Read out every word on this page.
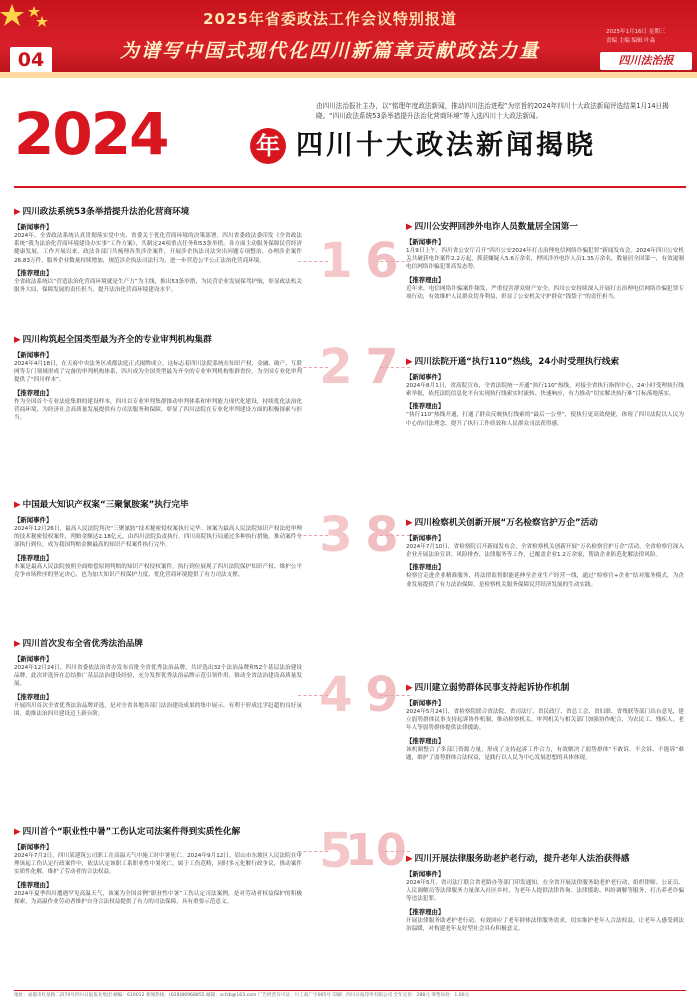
04
2025年省委政法工作会议特别报道
为谱写中国式现代化四川新篇章贡献政法力量
2025年1月16日 星期三
责编 主编 编辑 叶淼
四川法治报
2024	年 四川十大政法新闻揭晓
由四川法治报社主办，以“铭理年度政法新闻，推动四川法治进程”为宗旨的2024年四川十大政法新闻评选结果1月14日揭晓。“四川政法系统53条举措提升法治化营商环境”等入选四川十大政法新闻。
▶ 四川政法系统53条举措提升法治化营商环境
【新闻事件】
2024年，全省政法系统认真贯彻落实党中央、省委关于优化营商环境的决策部署，四川省委政法委印发《全省政法系统“我为法治化营商环境建设办实事”工作方案》，共制定24项重点任务和53条举措。各方面主动服务保障民营经济健康发展，工作开展以来，政法各部门共梳理各类涉企案件，开展涉企执法司法突出问题专项整治，办理涉企案件26.83万件，服务企业数量持续增加，规范涉企执法司法行为，进一步营造公平公正法治化营商环境。
【推荐理由】
全省政法系统以“营造法治化营商环境就是生产力”为主线，推出53条举措，为民营企业发展保驾护航，彰显政法机关服务大局、保障发展的责任担当，提升法治化营商环境建设水平。
▶ 四川构筑起全国类型最为齐全的专业审判机构集群
【新闻事件】
2024年4月18日，在天府中央法务区成都法庭正式揭牌成立，这标志着四川法院系统在知识产权、金融、破产、互联网等专门领域形成了完备的审判机构体系，四川成为全国类型最为齐全的专业审判机构集群省份，为全国专业化审判提供了“四川样本”。
【推荐理由】
作为全国首个专业法庭集群的建设样本，四川以专业审判集群推动审判体系和审判能力现代化建设，持续优化法治化营商环境，为经济社会高质量发展提供有力司法服务和保障，彰显了四川法院在专业化审判建设方面的积极探索与担当。
▶ 中国最大知识产权案“三聚氰胺案”执行完毕
【新闻事件】
2024年12月26日，最高人民法院判决“三聚氰胺”技术秘密侵权案执行完毕。该案为最高人民法院知识产权法庭审理的技术秘密侵权案件，判赔金额达2.18亿元，由四川法院负责执行。四川高院执行局通过多种执行措施，推动案件全部执行到位，成为我国判赔金额最高的知识产权案件执行完毕。
【推荐理由】
本案是最高人民法院按照全面赔偿原则判赔的知识产权侵权案件，执行到位展现了四川法院保护知识产权、维护公平竞争市场秩序的坚定决心，也为加大知识产权保护力度、优化营商环境提供了有力司法支撑。
▶ 四川首次发布全省优秀法治品牌
【新闻事件】
2024年12月24日，四川省委依法治省办发布首批全省优秀法治品牌，共评选出32个法治品牌和52个基层法治建设品牌。此次评选旨在总结推广基层法治建设经验，充分发挥优秀法治品牌示范引领作用，推动全省法治建设高质量发展。
【推荐理由】
开展四川首次全省优秀法治品牌评选，是对全省各地各部门法治建设成果的集中展示，有利于形成比学赶超的良好氛围，助推法治四川建设迈上新台阶。
▶ 四川首个“职业性中暑”工伤认定司法案件得到实质性化解
【新闻事件】
2024年7月2日，四川某建筑公司职工在高温天气中施工时中暑死亡。2024年9月12日，眉山市东坡区人民法院在审理该起工伤认定行政案件中，依法认定该职工系职业性中暑死亡，属于工伤范畴，同时多元化解行政争议，推动案件实质性化解，维护了劳动者的合法权益。
【推荐理由】
2024年夏季四川遭遇罕见高温天气，该案为全国首例“职业性中暑”工伤认定司法案例，是对劳动者权益保护的积极探索，为高温作业劳动者维护自身合法权益提供了有力的司法保障，具有重要示范意义。
1 6
2 7
3 8
4 9
5
10
▶ 四川公安押回涉外电诈人员数量居全国第一
【新闻事件】
1月9日上午，四川省公安厅召开“四川公安2024年打击治理电信网络诈骗犯罪”新闻发布会。2024年四川公安机关共破获电诈案件2.2万起，抓获嫌疑人5.6万余名，押回涉外电诈人员1.35万余名，数量居全国第一，有效遏制电信网络诈骗犯罪高发态势。
【推荐理由】
近年来，电信网络诈骗案件频发，严重侵害群众财产安全。四川公安持续深入开展打击治理电信网络诈骗犯罪专项行动，有效维护人民群众切身利益，彰显了公安机关守护群众“钱袋子”的责任担当。
▶ 四川法院开通“执行110”热线，24小时受理执行线索
【新闻事件】
2024年8月1日，省高院宣布，全省法院统一开通“执行110”热线，对接全省执行指挥中心，24小时受理执行线索举报，依托法院信息化平台实现执行线索实时流转、快速响应，有力推动“切实解决执行难”目标落地落实。
【推荐理由】
“执行110”热线开通，打通了群众反映执行线索的“最后一公里”，使执行更高效便捷，体现了四川法院以人民为中心的司法理念，提升了执行工作质效和人民群众司法获得感。
▶ 四川检察机关创新开展“万名检察官护万企”活动
【新闻事件】
2024年7月10日，省检察院召开新闻发布会，全省检察机关创新开展“万名检察官护万企”活动，全省检察官深入企业开展法治宣讲、风险排查、法律服务等工作，已覆盖企业1.2万余家，帮助企业防范化解法律风险。
【推荐理由】
检察官走进企业精准服务，将法律监督职能延伸至企业生产经营一线，通过“检察官+企业”结对服务模式，为企业发展提供了有力法治保障，是检察机关服务保障民营经济发展的生动实践。
▶ 四川建立弱势群体民事支持起诉协作机制
【新闻事件】
2024年5月24日，省检察院联合省法院、省司法厅、省民政厅、省总工会、省妇联、省残联等部门出台意见，建立弱势群体民事支持起诉协作机制，推动检察机关、审判机关与相关部门加强协作配合，为农民工、残疾人、老年人等弱势群体提供法律援助。
【推荐理由】
该机制整合了多部门资源力量，形成了支持起诉工作合力，有效解决了弱势群体“不敢诉、不会诉、不能诉”难题，维护了弱势群体合法权益，是践行以人民为中心发展思想的具体体现。
▶ 四川开展法律服务助老护老行动，提升老年人法治获得感
【新闻事件】
2024年5月，省司法厅联合省老龄办等部门印发通知，在全省开展法律服务助老护老行动，组织律师、公证员、人民调解员等法律服务力量深入社区乡村，为老年人提供法律咨询、法律援助、纠纷调解等服务，打击养老诈骗等违法犯罪。
【推荐理由】
开展法律服务助老护老行动，有效回应了老年群体法律服务需求，切实维护老年人合法权益，让老年人感受到法治温暖，对构建老年友好型社会具有积极意义。
地址：成都市红星路二段70号四川日报报业集团 邮编：610012 新闻热线：(028)86968855 邮箱：scfzb@163.com 广告经营许可证：川工商广字005号 印刷：四川日报印务有限公司 全年定价：288元 零售每份：1.00元
